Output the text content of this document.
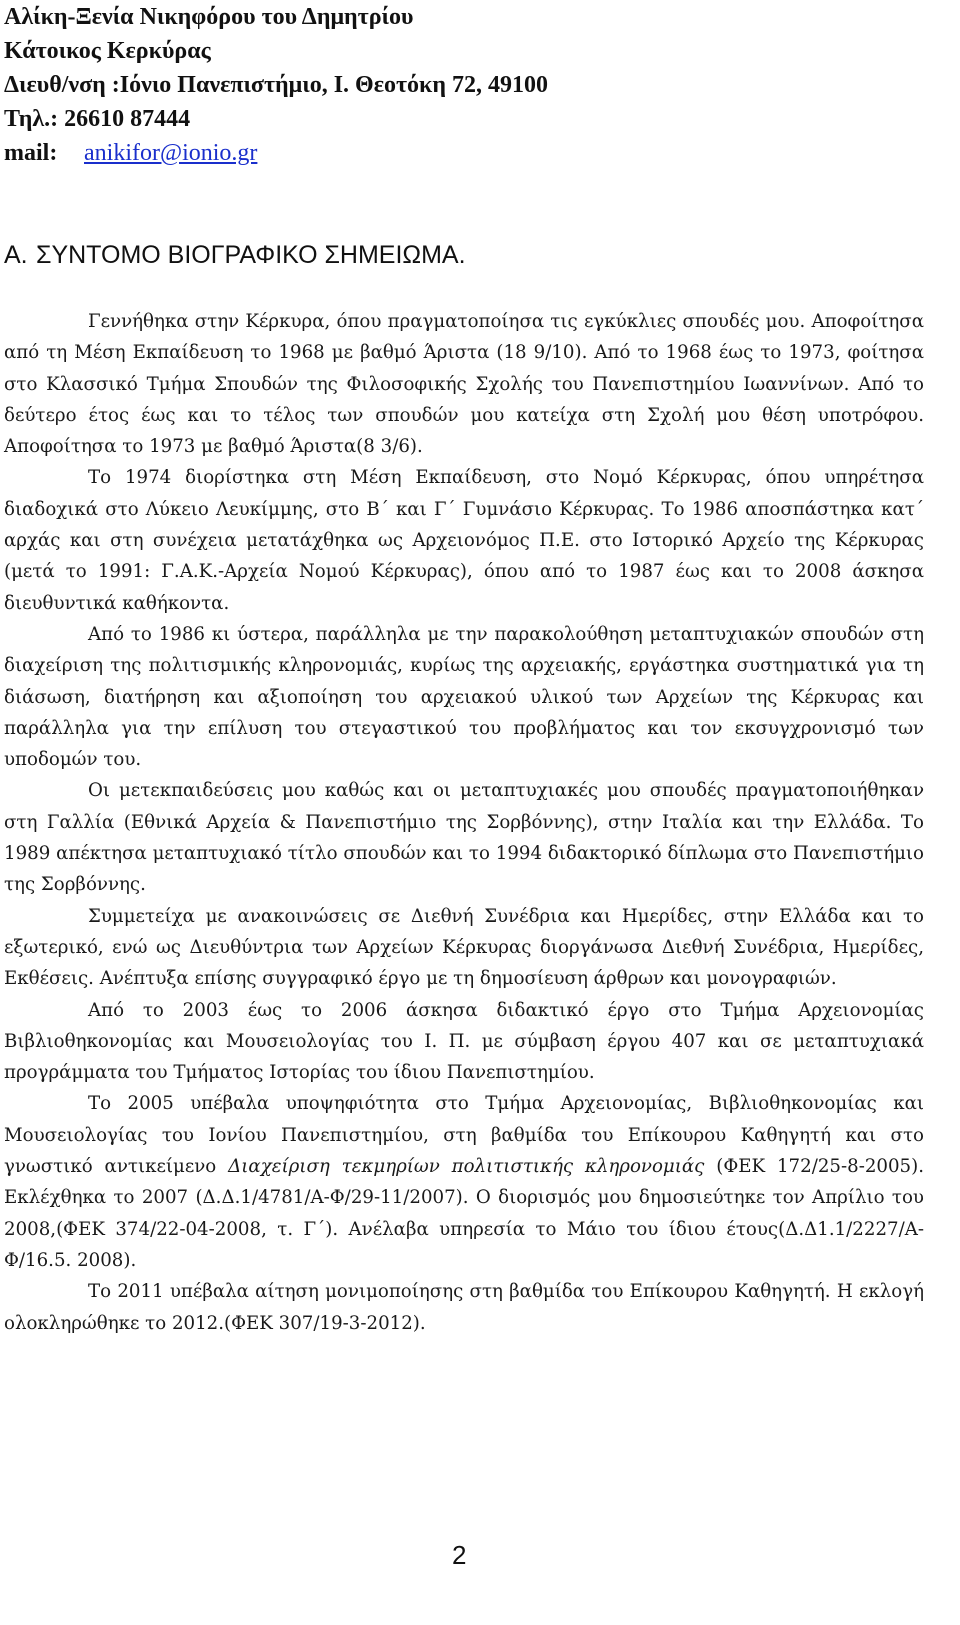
Αλίκη-Ξενία Νικηφόρου του Δημητρίου
Κάτοικος Κερκύρας
Διευθ/νση :Ιόνιο Πανεπιστήμιο, Ι. Θεοτόκη 72, 49100
Τηλ.: 26610 87444
mail: anikifor@ionio.gr
Α. ΣΥΝΤΟΜΟ ΒΙΟΓΡΑΦΙΚΟ ΣΗΜΕΙΩΜΑ.

Γεννήθηκα στην Κέρκυρα, όπου πραγματοποίησα τις εγκύκλιες σπουδές μου. Αποφοίτησα από τη Μέση Εκπαίδευση το 1968 με βαθμό Άριστα (18 9/10). Από το 1968 έως το 1973, φοίτησα στο Κλασσικό Τμήμα Σπουδών της Φιλοσοφικής Σχολής του Πανεπιστημίου Ιωαννίνων. Από το δεύτερο έτος έως και το τέλος των σπουδών μου κατείχα στη Σχολή μου θέση υποτρόφου. Αποφοίτησα το 1973 με βαθμό Άριστα(8 3/6).

Το 1974 διορίστηκα στη Μέση Εκπαίδευση, στο Νομό Κέρκυρας, όπου υπηρέτησα διαδοχικά στο Λύκειο Λευκίμμης, στο Β΄ και Γ΄ Γυμνάσιο Κέρκυρας. Το 1986 αποσπάστηκα κατ΄ αρχάς και στη συνέχεια μετατάχθηκα ως Αρχειονόμος Π.Ε. στο Ιστορικό Αρχείο της Κέρκυρας (μετά το 1991: Γ.Α.Κ.-Αρχεία Νομού Κέρκυρας), όπου από το 1987 έως και το 2008 άσκησα διευθυντικά καθήκοντα.

Από το 1986 κι ύστερα, παράλληλα με την παρακολούθηση μεταπτυχιακών σπουδών στη διαχείριση της πολιτισμικής κληρονομιάς, κυρίως της αρχειακής, εργάστηκα συστηματικά για τη διάσωση, διατήρηση και αξιοποίηση του αρχειακού υλικού των Αρχείων της Κέρκυρας και παράλληλα για την επίλυση του στεγαστικού του προβλήματος και τον εκσυγχρονισμό των υποδομών του.

Οι μετεκπαιδεύσεις μου καθώς και οι μεταπτυχιακές μου σπουδές πραγματοποιήθηκαν στη Γαλλία (Εθνικά Αρχεία & Πανεπιστήμιο της Σορβόννης), στην Ιταλία και την Ελλάδα. Το 1989 απέκτησα μεταπτυχιακό τίτλο σπουδών και το 1994 διδακτορικό δίπλωμα στο Πανεπιστήμιο της Σορβόννης.

Συμμετείχα με ανακοινώσεις σε Διεθνή Συνέδρια και Ημερίδες, στην Ελλάδα και το εξωτερικό, ενώ ως Διευθύντρια των Αρχείων Κέρκυρας διοργάνωσα Διεθνή Συνέδρια, Ημερίδες, Εκθέσεις. Ανέπτυξα επίσης συγγραφικό έργο με τη δημοσίευση άρθρων και μονογραφιών.

Από το 2003 έως το 2006 άσκησα διδακτικό έργο στο Τμήμα Αρχειονομίας Βιβλιοθηκονομίας και Μουσειολογίας του Ι. Π. με σύμβαση έργου 407 και σε μεταπτυχιακά προγράμματα του Τμήματος Ιστορίας του ίδιου Πανεπιστημίου.

Το 2005 υπέβαλα υποψηφιότητα στο Τμήμα Αρχειονομίας, Βιβλιοθηκονομίας και Μουσειολογίας του Ιονίου Πανεπιστημίου, στη βαθμίδα του Επίκουρου Καθηγητή και στο γνωστικό αντικείμενο Διαχείριση τεκμηρίων πολιτιστικής κληρονομιάς (ΦΕΚ 172/25-8-2005). Εκλέχθηκα το 2007 (Δ.Δ.1/4781/Α-Φ/29-11/2007). Ο διορισμός μου δημοσιεύτηκε τον Απρίλιο του 2008,(ΦΕΚ 374/22-04-2008, τ. Γ΄). Ανέλαβα υπηρεσία το Μάιο του ίδιου έτους(Δ.Δ1.1/2227/Α-Φ/16.5. 2008).

Το 2011 υπέβαλα αίτηση μονιμοποίησης στη βαθμίδα του Επίκουρου Καθηγητή. Η εκλογή ολοκληρώθηκε το 2012.(ΦΕΚ 307/19-3-2012).

2
